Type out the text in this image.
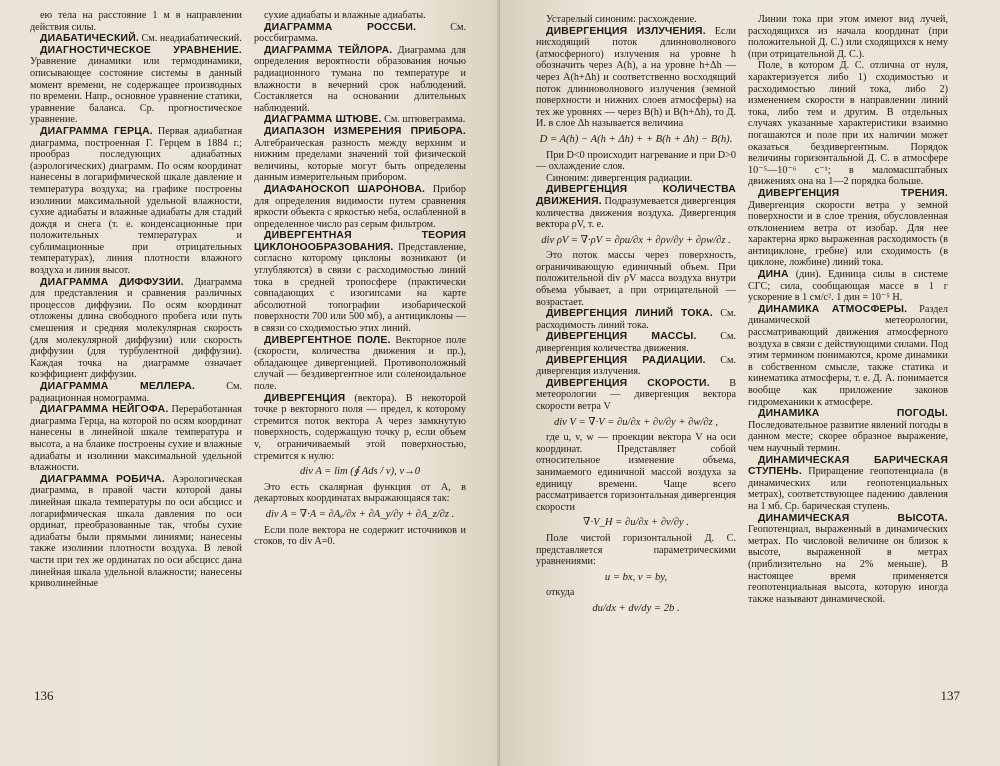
ею тела на расстояние 1 м в направлении действия силы.

ДИАБАТИЧЕСКИЙ. См. неадиабатический.

ДИАГНОСТИЧЕСКОЕ УРАВНЕНИЕ. Уравнение динамики или термодинамики, описывающее состояние системы в данный момент времени, не содержащее производных по времени. Напр., основное уравнение статики, уравнение баланса. Ср. прогностическое уравнение.

ДИАГРАММА ГЕРЦА. Первая адиабатная диаграмма, построенная Г. Герцем в 1884 г.; прообраз последующих адиабатных (аэрологических) диаграмм. По осям координат нанесены в логарифмической шкале давление и температура воздуха; на графике построены изолинии максимальной удельной влажности, сухие адиабаты и влажные адиабаты для стадий дождя и снега (т. е. конденсационные при положительных температурах и сублимационные при отрицательных температурах), линия плотности влажного воздуха и линия высот.

ДИАГРАММА ДИФФУЗИИ. Диаграмма для представления и сравнения различных процессов диффузии. По осям координат отложены длина свободного пробега или путь смешения и средняя молекулярная скорость (для молекулярной диффузии) или скорость диффузии (для турбулентной диффузии). Каждая точка на диаграмме означает коэффициент диффузии.

ДИАГРАММА МЕЛЛЕРА. См. радиационная номограмма.

ДИАГРАММА НЕЙГОФА. Переработанная диаграмма Герца, на которой по осям координат нанесены в линейной шкале температура и высота, а на бланке построены сухие и влажные адиабаты и изолинии максимальной удельной влажности.

ДИАГРАММА РОБИЧА. Аэрологическая диаграмма, в правой части которой даны линейная шкала температуры по оси абсцисс и логарифмическая шкала давления по оси ординат, преобразованные так, чтобы сухие адиабаты были прямыми линиями; нанесены также изолинии плотности воздуха. В левой части при тех же ординатах по оси абсцисс дана линейная шкала удельной влажности; нанесены криволинейные

сухие адиабаты и влажные адиабаты.

ДИАГРАММА РОССБИ. См. россбиграмма.

ДИАГРАММА ТЕЙЛОРА. Диаграмма для определения вероятности образования ночью радиационного тумана по температуре и влажности в вечерний срок наблюдений. Составляется на основании длительных наблюдений.

ДИАГРАММА ШТЮВЕ. См. штювеграмма.

ДИАПАЗОН ИЗМЕРЕНИЯ ПРИБОРА. Алгебраическая разность между верхним и нижним пределами значений той физической величины, которые могут быть определены данным измерительным прибором.

ДИАФАНОСКОП ШАРОНОВА. Прибор для определения видимости путем сравнения яркости объекта с яркостью неба, ослабленной в определенное число раз серым фильтром.

ДИВЕРГЕНТНАЯ ТЕОРИЯ ЦИКЛОНООБРАЗОВАНИЯ. Представление, согласно которому циклоны возникают (и углубляются) в связи с расходимостью линий тока в средней тропосфере (практически совпадающих с изогипсами на карте абсолютной топографии изобарической поверхности 700 или 500 мб), а антициклоны — в связи со сходимостью этих линий.

ДИВЕРГЕНТНОЕ ПОЛЕ. Векторное поле (скорости, количества движения и пр.), обладающее дивергенцией. Противоположный случай — бездивергентное или соленоидальное поле.

ДИВЕРГЕНЦИЯ (вектора). В некоторой точке p векторного поля — предел, к которому стремится поток вектора A через замкнутую поверхность, содержащую точку p, если объем v, ограничиваемый этой поверхностью, стремится к нулю:

div A = lim (∮ Ads / v), v→0

Это есть скалярная функция от A, в декартовых координатах выражающаяся так:

div A = ∇·A = ∂Aₓ/∂x + ∂A_y/∂y + ∂A_z/∂z .

Если поле вектора не содержит источников и стоков, то div A=0.

136

Устарелый синоним: расхождение.

ДИВЕРГЕНЦИЯ ИЗЛУЧЕНИЯ. Если нисходящий поток длинноволнового (атмосферного) излучения на уровне h обозначить через A(h), а на уровне h+Δh — через A(h+Δh) и соответственно восходящий поток длинноволнового излучения (земной поверхности и нижних слоев атмосферы) на тех же уровнях — через B(h) и B(h+Δh), то Д. И. в слое Δh называется величина

D = A(h) − A(h + Δh) + + B(h + Δh) − B(h).

При D<0 происходит нагревание и при D>0 — охлаждение слоя.

Синоним: дивергенция радиации.

ДИВЕРГЕНЦИЯ КОЛИЧЕСТВА ДВИЖЕНИЯ. Подразумевается дивергенция количества движения воздуха. Дивергенция вектора ρV, т. е.

div ρV = ∇·ρV = ∂ρu/∂x + ∂ρv/∂y + ∂ρw/∂z .

Это поток массы через поверхность, ограничивающую единичный объем. При положительной div ρV масса воздуха внутри объема убывает, а при отрицательной — возрастает.

ДИВЕРГЕНЦИЯ ЛИНИЙ ТОКА. См. расходимость линий тока.

ДИВЕРГЕНЦИЯ МАССЫ. См. дивергенция количества движения.

ДИВЕРГЕНЦИЯ РАДИАЦИИ. См. дивергенция излучения.

ДИВЕРГЕНЦИЯ СКОРОСТИ. В метеорологии — дивергенция вектора скорости ветра V

div V = ∇·V = ∂u/∂x + ∂v/∂y + ∂w/∂z ,

где u, v, w — проекции вектора V на оси координат. Представляет собой относительное изменение объема, занимаемого единичной массой воздуха за единицу времени. Чаще всего рассматривается горизонтальная дивергенция скорости

∇·V_H = ∂u/∂x + ∂v/∂y .

Поле чистой горизонтальной Д. С. представляется параметрическими уравнениями:

u = bx, v = by,

откуда

du/dx + dv/dy = 2b .

Линии тока при этом имеют вид лучей, расходящихся из начала координат (при положительной Д. С.) или сходящихся к нему (при отрицательной Д. С.).

Поле, в котором Д. С. отлична от нуля, характеризуется либо 1) сходимостью и расходимостью линий тока, либо 2) изменением скорости в направлении линий тока, либо тем и другим. В отдельных случаях указанные характеристики взаимно погашаются и поле при их наличии может оказаться бездивергентным. Порядок величины горизонтальной Д. С. в атмосфере 10⁻⁵—10⁻⁶ с⁻¹; в маломасштабных движениях она на 1—2 порядка больше.

ДИВЕРГЕНЦИЯ ТРЕНИЯ. Дивергенция скорости ветра у земной поверхности и в слое трения, обусловленная отклонением ветра от изобар. Для нее характерна ярко выраженная расходимость (в антициклоне, гребне) или сходимость (в циклоне, ложбине) линий тока.

ДИНА (дин). Единица силы в системе СГС; сила, сообщающая массе в 1 г ускорение в 1 см/с². 1 дин = 10⁻⁵ Н.

ДИНАМИКА АТМОСФЕРЫ. Раздел динамической метеорологии, рассматривающий движения атмосферного воздуха в связи с действующими силами. Под этим термином понимаются, кроме динамики в собственном смысле, также статика и кинематика атмосферы, т. е. Д. А. понимается вообще как приложение законов гидромеханики к атмосфере.

ДИНАМИКА ПОГОДЫ. Последовательное развитие явлений погоды в данном месте; скорее образное выражение, чем научный термин.

ДИНАМИЧЕСКАЯ БАРИЧЕСКАЯ СТУПЕНЬ. Приращение геопотенциала (в динамических или геопотенциальных метрах), соответствующее падению давления на 1 мб. Ср. барическая ступень.

ДИНАМИЧЕСКАЯ ВЫСОТА. Геопотенциал, выраженный в динамических метрах. По числовой величине он близок к высоте, выраженной в метрах (приблизительно на 2% меньше). В настоящее время применяется геопотенциальная высота, которую иногда также называют динамической.

137
